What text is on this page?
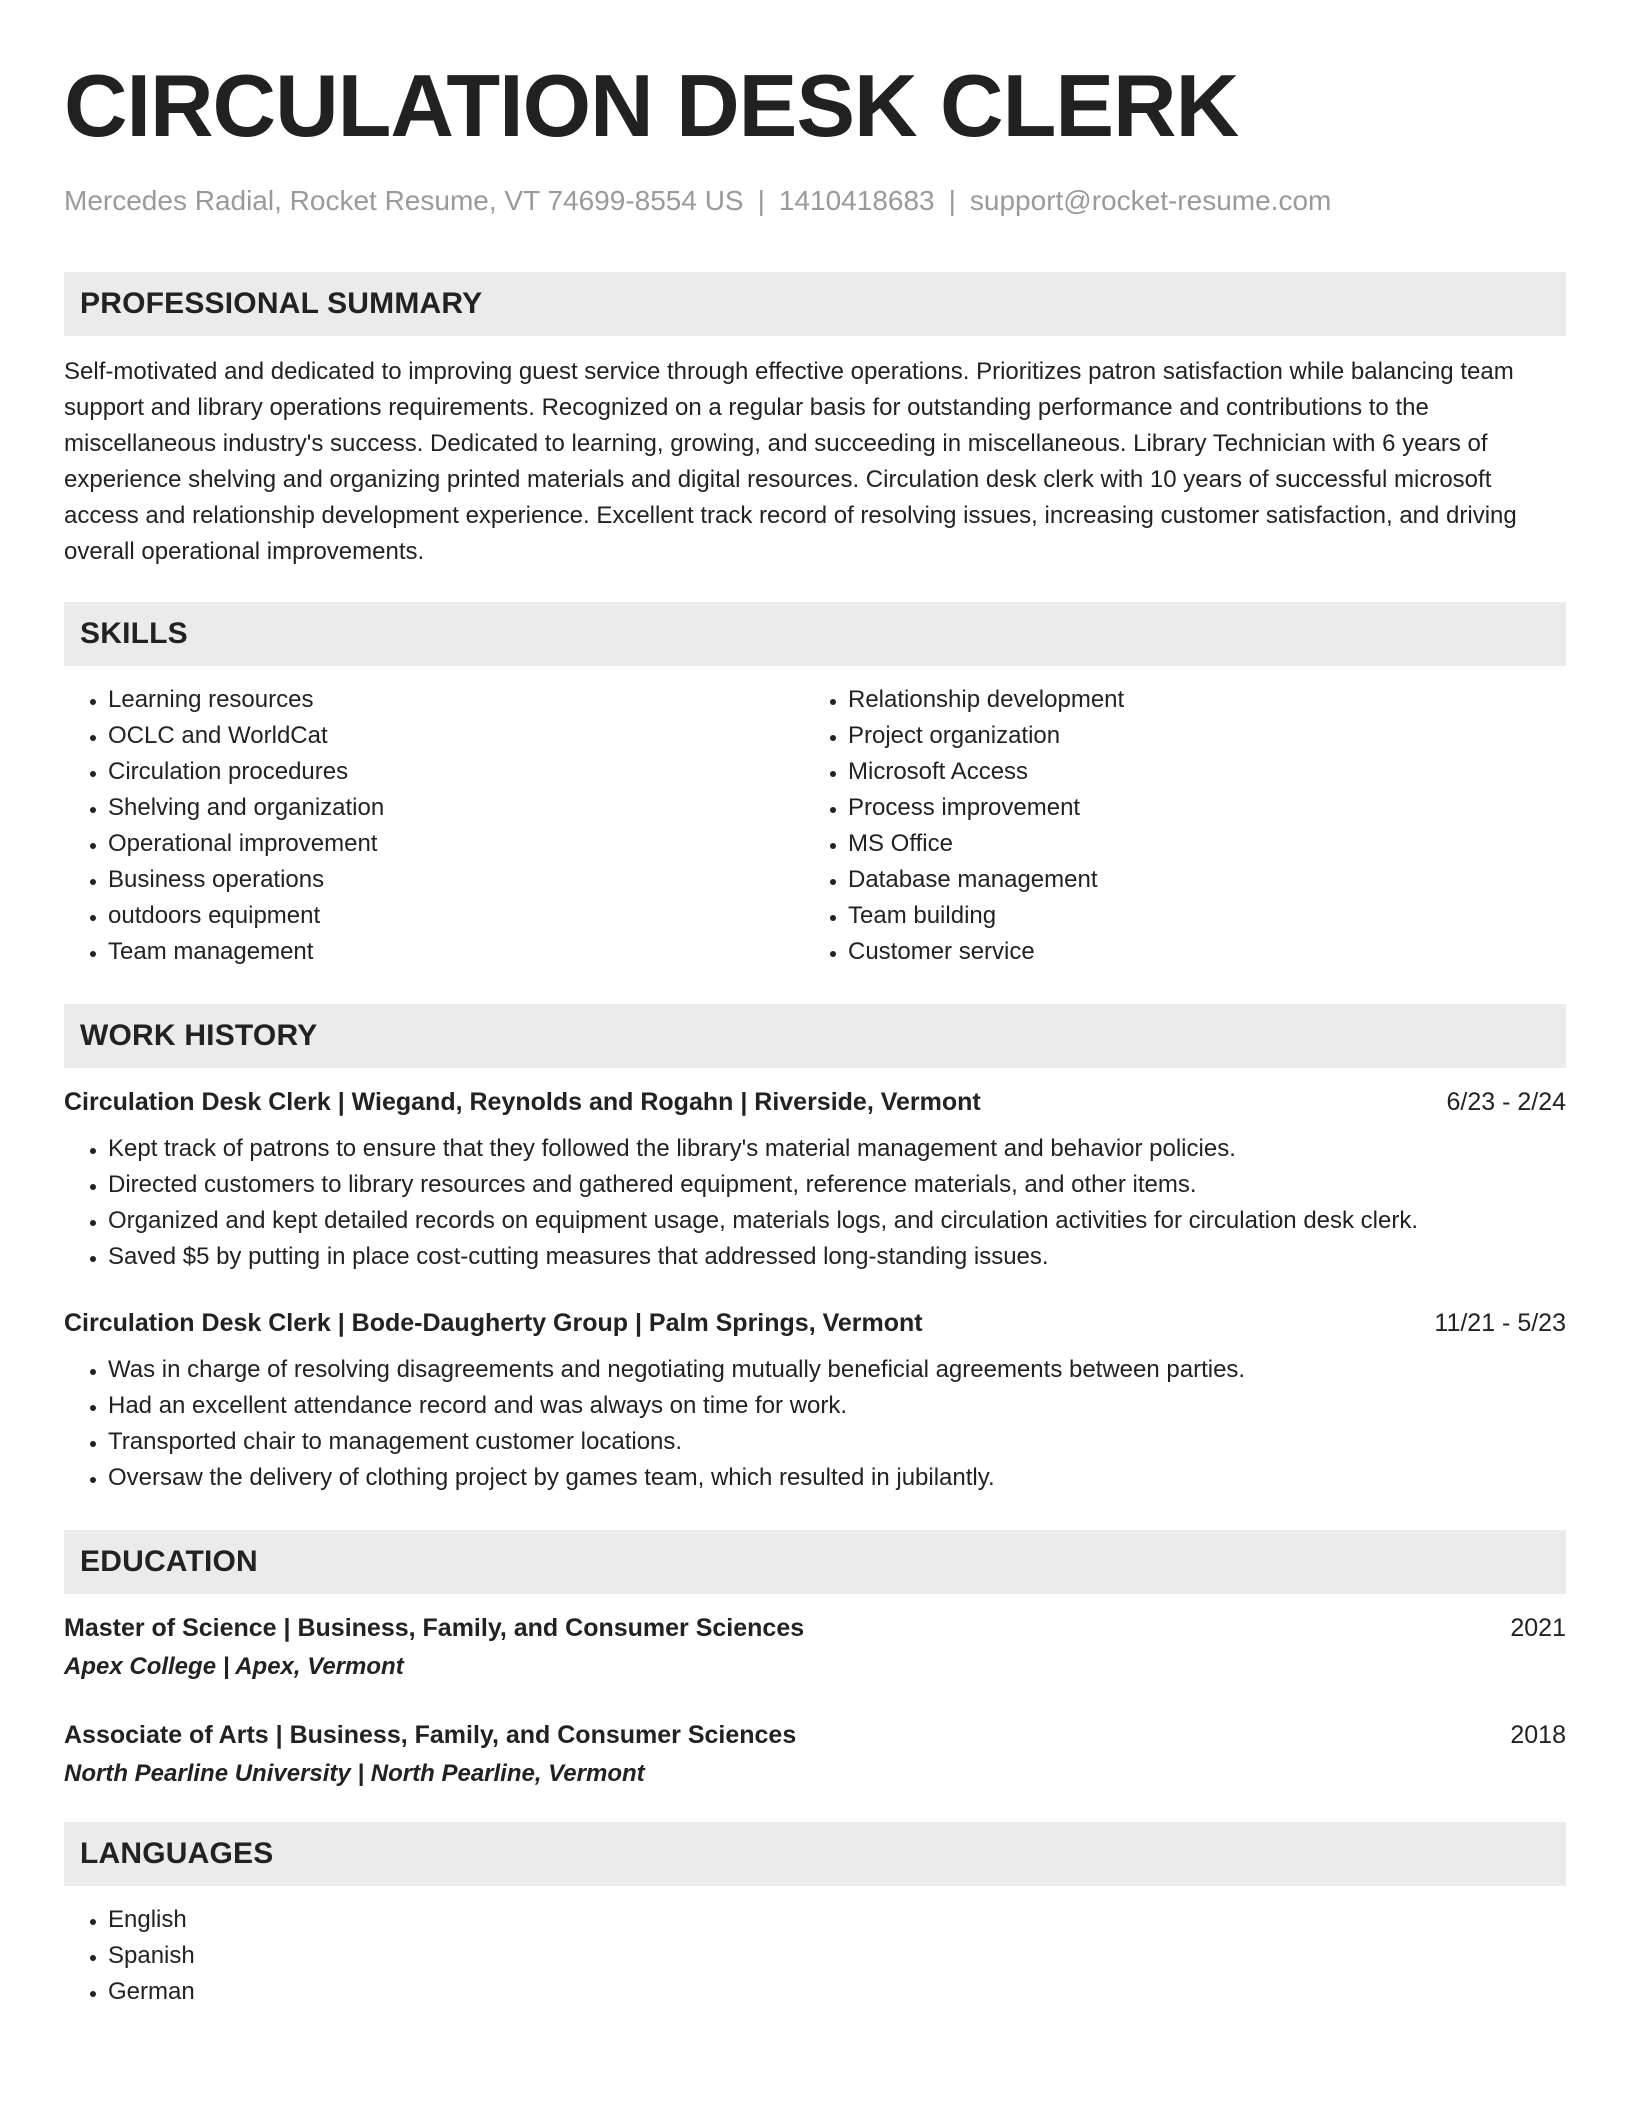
CIRCULATION DESK CLERK
Mercedes Radial, Rocket Resume, VT 74699-8554 US | 1410418683 | support@rocket-resume.com
PROFESSIONAL SUMMARY
Self-motivated and dedicated to improving guest service through effective operations. Prioritizes patron satisfaction while balancing team support and library operations requirements. Recognized on a regular basis for outstanding performance and contributions to the miscellaneous industry's success. Dedicated to learning, growing, and succeeding in miscellaneous. Library Technician with 6 years of experience shelving and organizing printed materials and digital resources. Circulation desk clerk with 10 years of successful microsoft access and relationship development experience. Excellent track record of resolving issues, increasing customer satisfaction, and driving overall operational improvements.
SKILLS
• Learning resources
• OCLC and WorldCat
• Circulation procedures
• Shelving and organization
• Operational improvement
• Business operations
• outdoors equipment
• Team management
• Relationship development
• Project organization
• Microsoft Access
• Process improvement
• MS Office
• Database management
• Team building
• Customer service
WORK HISTORY
Circulation Desk Clerk | Wiegand, Reynolds and Rogahn | Riverside, Vermont	6/23 - 2/24
• Kept track of patrons to ensure that they followed the library's material management and behavior policies.
• Directed customers to library resources and gathered equipment, reference materials, and other items.
• Organized and kept detailed records on equipment usage, materials logs, and circulation activities for circulation desk clerk.
• Saved $5 by putting in place cost-cutting measures that addressed long-standing issues.
Circulation Desk Clerk | Bode-Daugherty Group | Palm Springs, Vermont	11/21 - 5/23
• Was in charge of resolving disagreements and negotiating mutually beneficial agreements between parties.
• Had an excellent attendance record and was always on time for work.
• Transported chair to management customer locations.
• Oversaw the delivery of clothing project by games team, which resulted in jubilantly.
EDUCATION
Master of Science | Business, Family, and Consumer Sciences	2021
Apex College | Apex, Vermont
Associate of Arts | Business, Family, and Consumer Sciences	2018
North Pearline University | North Pearline, Vermont
LANGUAGES
• English
• Spanish
• German
